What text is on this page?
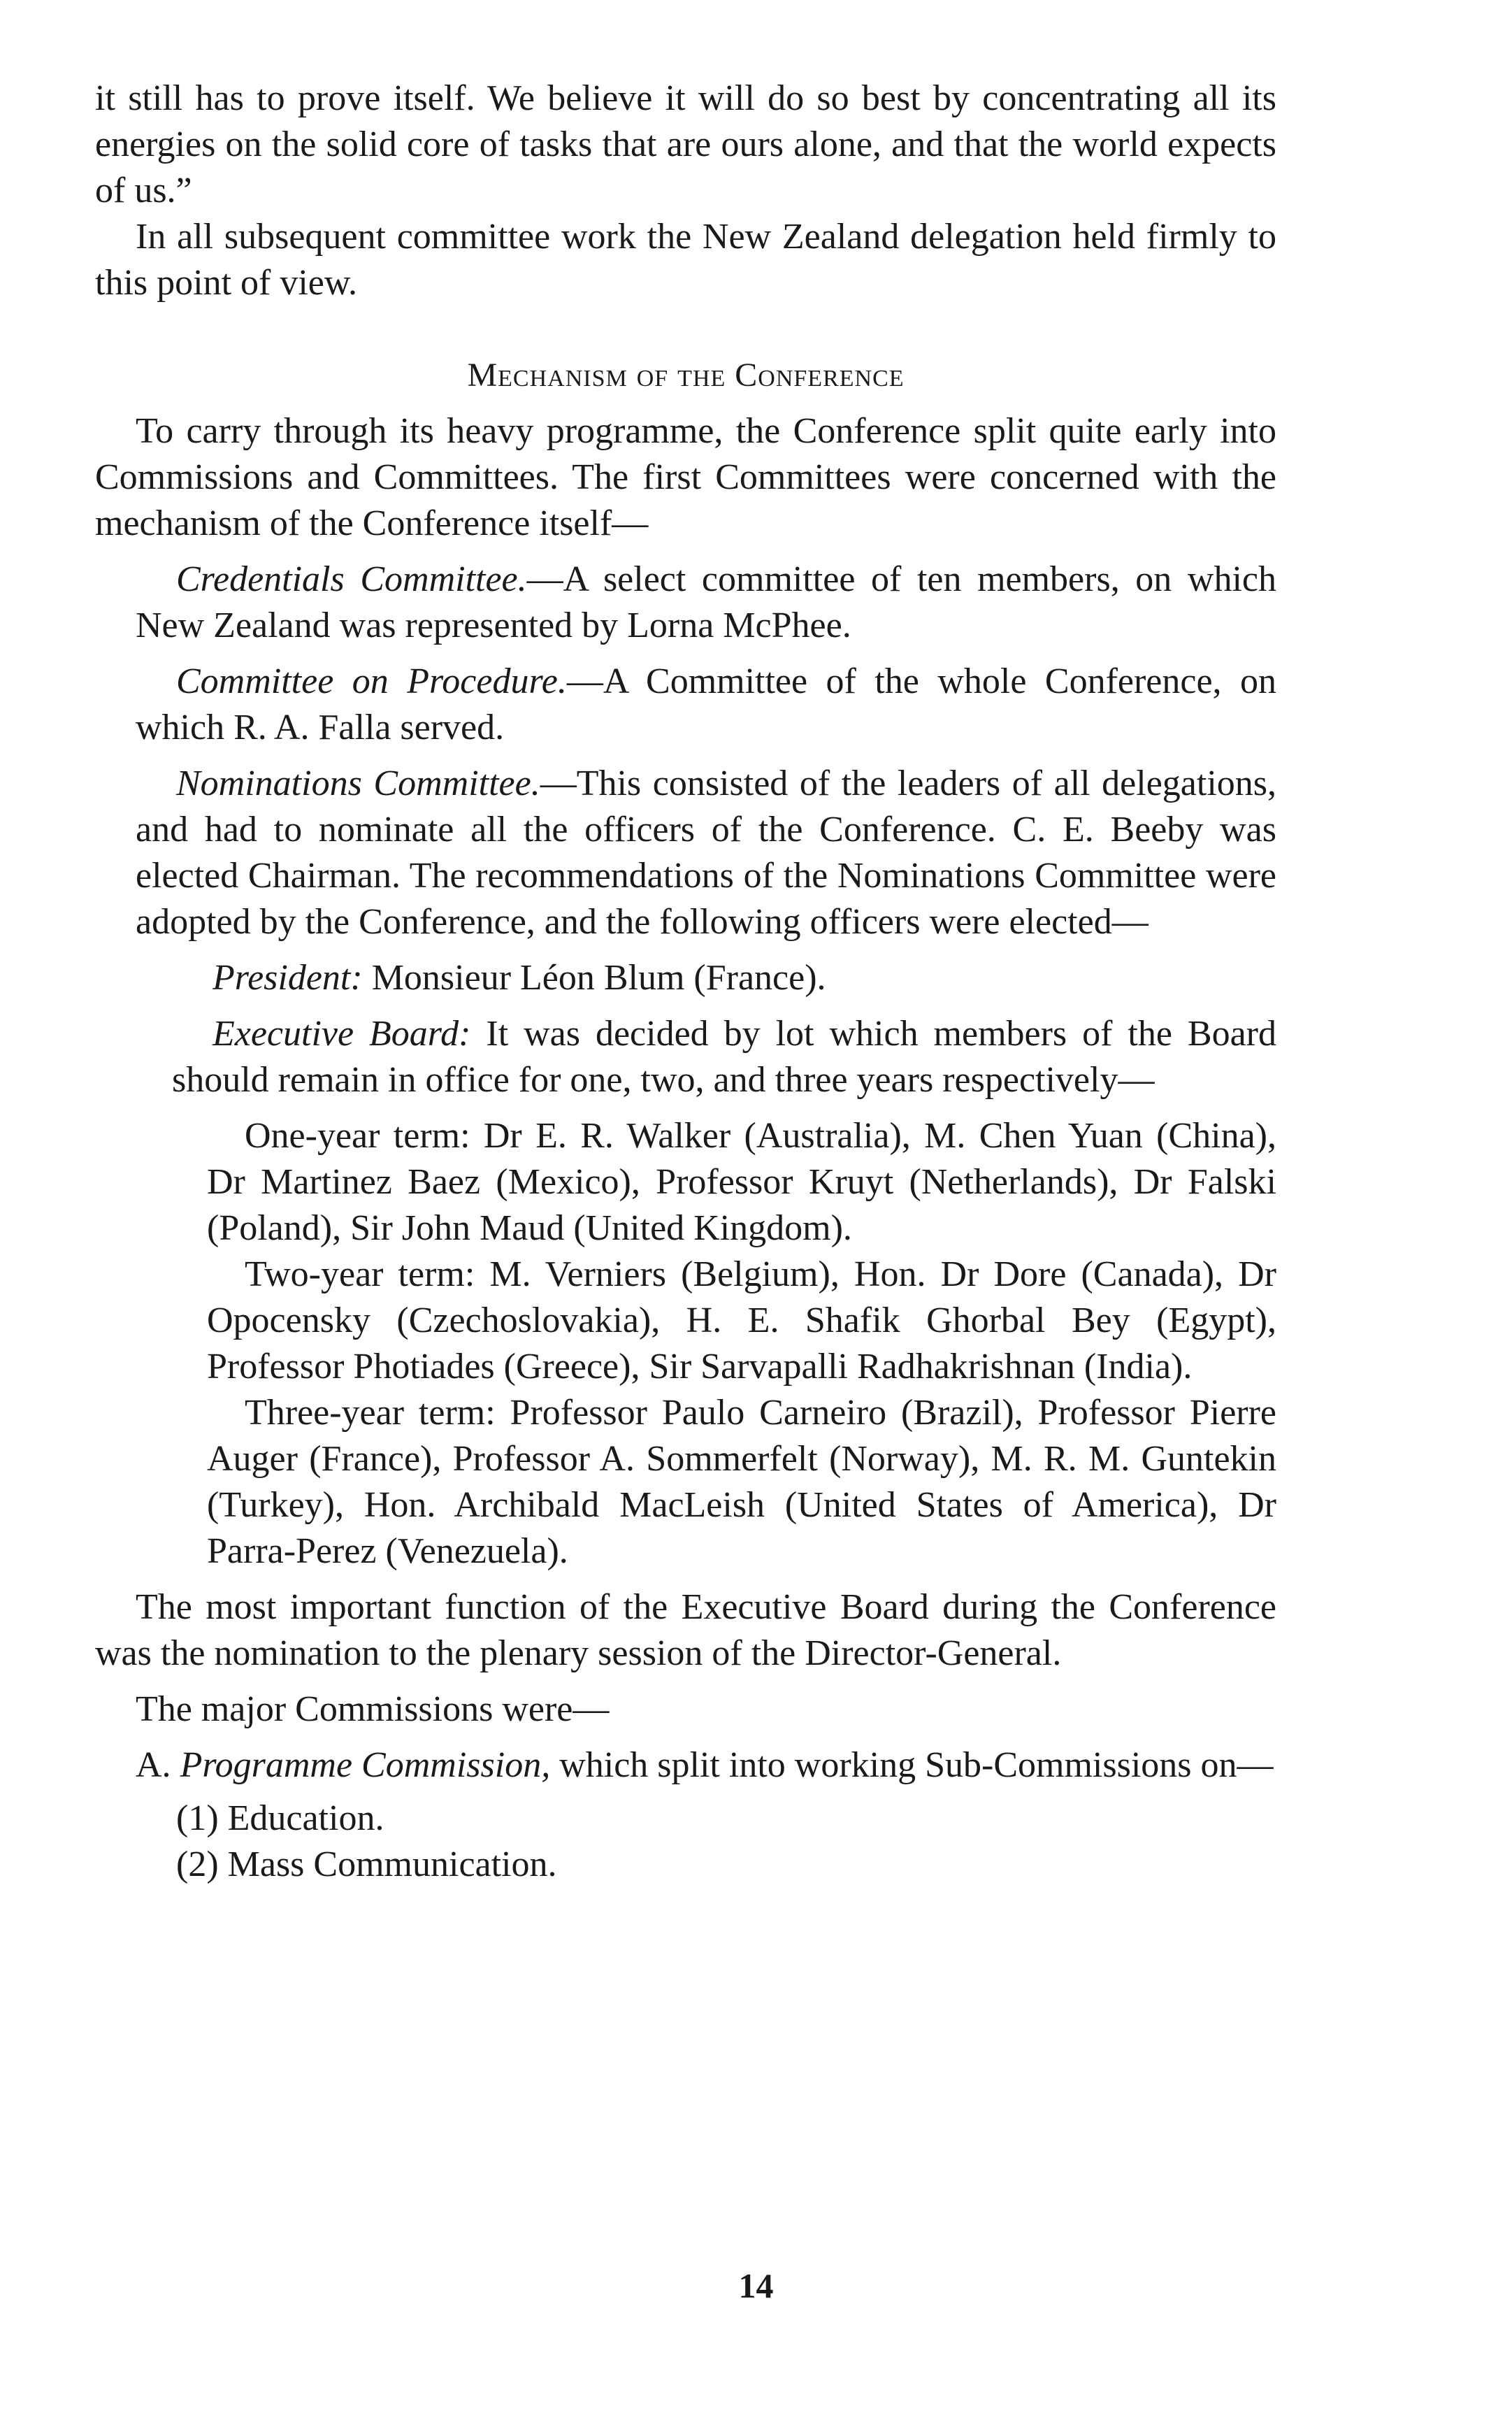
it still has to prove itself. We believe it will do so best by concentrating all its energies on the solid core of tasks that are ours alone, and that the world expects of us.”

In all subsequent committee work the New Zealand delegation held firmly to this point of view.

Mechanism of the Conference

To carry through its heavy programme, the Conference split quite early into Commissions and Committees. The first Committees were concerned with the mechanism of the Conference itself—

Credentials Committee.—A select committee of ten members, on which New Zealand was represented by Lorna McPhee.

Committee on Procedure.—A Committee of the whole Conference, on which R. A. Falla served.

Nominations Committee.—This consisted of the leaders of all delegations, and had to nominate all the officers of the Conference. C. E. Beeby was elected Chairman. The recommendations of the Nominations Committee were adopted by the Conference, and the following officers were elected—

President: Monsieur Léon Blum (France).

Executive Board: It was decided by lot which members of the Board should remain in office for one, two, and three years respectively—

One-year term: Dr E. R. Walker (Australia), M. Chen Yuan (China), Dr Martinez Baez (Mexico), Professor Kruyt (Netherlands), Dr Falski (Poland), Sir John Maud (United Kingdom).

Two-year term: M. Verniers (Belgium), Hon. Dr Dore (Canada), Dr Opocensky (Czechoslovakia), H. E. Shafik Ghorbal Bey (Egypt), Professor Photiades (Greece), Sir Sarvapalli Radhakrishnan (India).

Three-year term: Professor Paulo Carneiro (Brazil), Professor Pierre Auger (France), Professor A. Sommerfelt (Norway), M. R. M. Guntekin (Turkey), Hon. Archibald MacLeish (United States of America), Dr Parra-Perez (Venezuela).

The most important function of the Executive Board during the Conference was the nomination to the plenary session of the Director-General.

The major Commissions were—

A. Programme Commission, which split into working Sub-Commissions on—

(1) Education.

(2) Mass Communication.

14
